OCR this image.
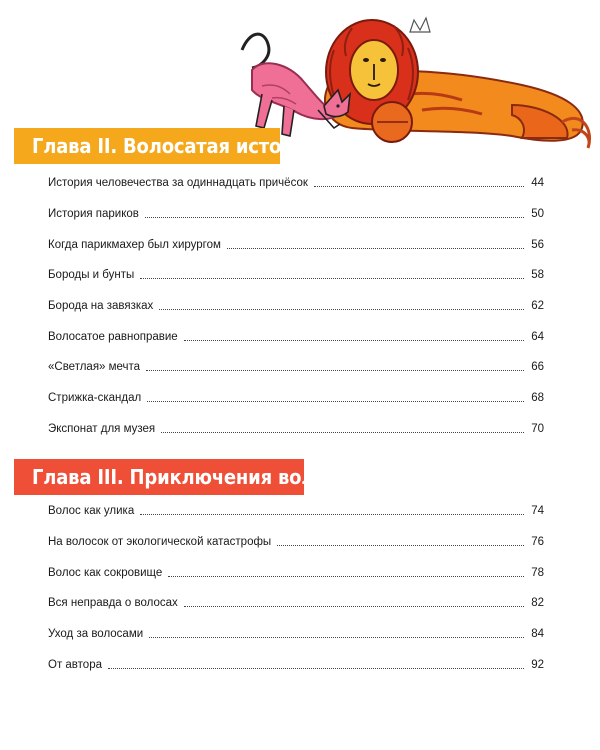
Глава II. Волосатая история
История человечества за одиннадцать причёсок	44
История париков	50
Когда парикмахер был хирургом	56
Бороды и бунты	58
Борода на завязках	62
Волосатое равноправие	64
«Светлая» мечта	66
Стрижка-скандал	68
Экспонат для музея	70
Глава III. Приключения волос
Волос как улика	74
На волосок от экологической катастрофы	76
Волос как сокровище	78
Вся неправда о волосах	82
Уход за волосами	84
От автора	92
